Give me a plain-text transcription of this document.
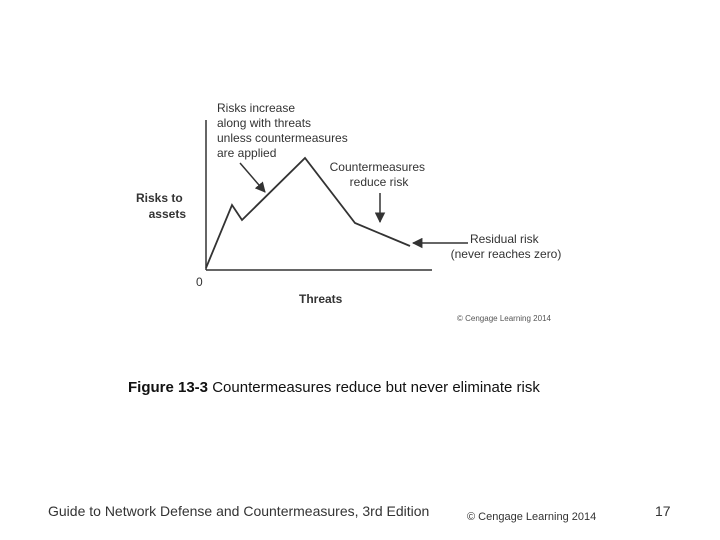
Risks to assets
0
Threats
Risks increase along with threats unless countermeasures are applied
Countermeasures reduce risk
Residual risk (never reaches zero)
© Cengage Learning 2014
Figure 13-3 Countermeasures reduce but never eliminate risk
Guide to Network Defense and Countermeasures, 3rd Edition	© Cengage Learning 2014	17
